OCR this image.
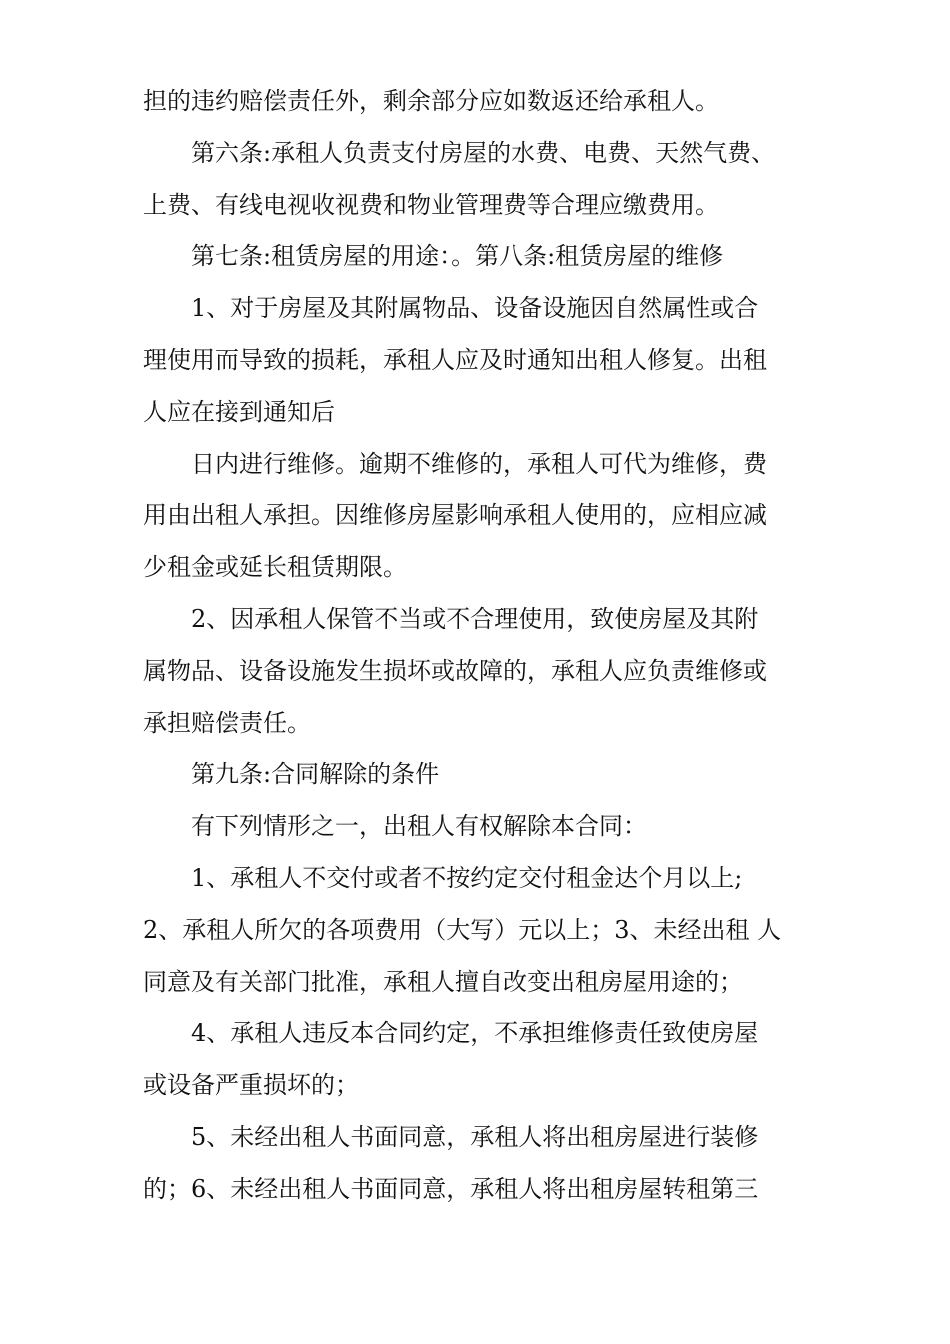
担的违约赔偿责任外，剩余部分应如数返还给承租人。
第六条:承租人负责支付房屋的水费、电费、天然气费、
上费、有线电视收视费和物业管理费等合理应缴费用。
第七条:租赁房屋的用途：。第八条:租赁房屋的维修
1、对于房屋及其附属物品、设备设施因自然属性或合
理使用而导致的损耗，承租人应及时通知出租人修复。出租
人应在接到通知后
日内进行维修。逾期不维修的，承租人可代为维修，费
用由出租人承担。因维修房屋影响承租人使用的，应相应减
少租金或延长租赁期限。
2、因承租人保管不当或不合理使用，致使房屋及其附
属物品、设备设施发生损坏或故障的，承租人应负责维修或
承担赔偿责任。
第九条:合同解除的条件
有下列情形之一，出租人有权解除本合同：
1、承租人不交付或者不按约定交付租金达个月以上;
2、承租人所欠的各项费用（大写）元以上；3、未经出租 人
同意及有关部门批准，承租人擅自改变出租房屋用途的；
4、承租人违反本合同约定，不承担维修责任致使房屋
或设备严重损坏的；
5、未经出租人书面同意，承租人将出租房屋进行装修
的；6、未经出租人书面同意，承租人将出租房屋转租第三
